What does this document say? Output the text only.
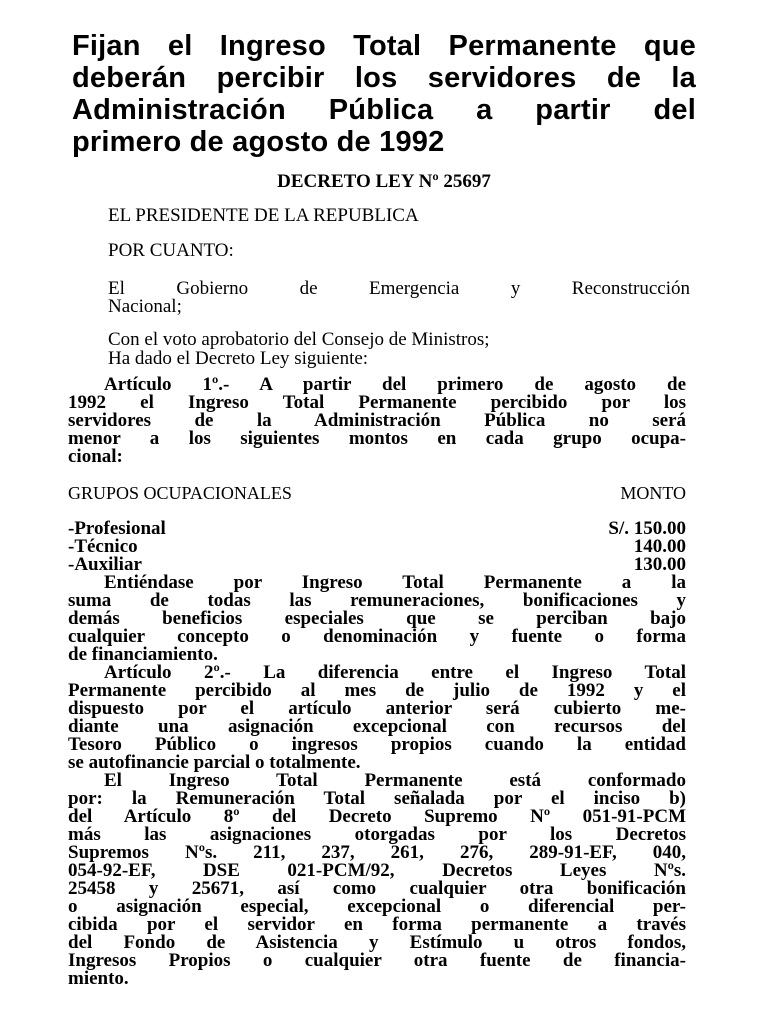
Fijan el Ingreso Total Permanente que
deberán percibir los servidores de la
Administración Pública a partir del
primero de agosto de 1992
DECRETO LEY Nº 25697
EL PRESIDENTE DE LA REPUBLICA
POR CUANTO:
El Gobierno de Emergencia y Reconstrucción
Nacional;
Con el voto aprobatorio del Consejo de Ministros;
Ha dado el Decreto Ley siguiente:
Artículo 1º.- A partir del primero de agosto de
1992 el Ingreso Total Permanente percibido por los
servidores de la Administración Pública no será
menor a los siguientes montos en cada grupo ocupa-
cional:
GRUPOS OCUPACIONALES	MONTO
-Profesional	S/. 150.00
-Técnico	140.00
-Auxiliar	130.00
Entiéndase por Ingreso Total Permanente a la
suma de todas las remuneraciones, bonificaciones y
demás beneficios especiales que se perciban bajo
cualquier concepto o denominación y fuente o forma
de financiamiento.
Artículo 2º.- La diferencia entre el Ingreso Total
Permanente percibido al mes de julio de 1992 y el
dispuesto por el artículo anterior será cubierto me-
diante una asignación excepcional con recursos del
Tesoro Público o ingresos propios cuando la entidad
se autofinancie parcial o totalmente.
El Ingreso Total Permanente está conformado
por: la Remuneración Total señalada por el inciso b)
del Artículo 8º del Decreto Supremo Nº 051-91-PCM
más las asignaciones otorgadas por los Decretos
Supremos Nºs. 211, 237, 261, 276, 289-91-EF, 040,
054-92-EF, DSE 021-PCM/92, Decretos Leyes Nºs.
25458 y 25671, así como cualquier otra bonificación
o asignación especial, excepcional o diferencial per-
cibida por el servidor en forma permanente a través
del Fondo de Asistencia y Estímulo u otros fondos,
Ingresos Propios o cualquier otra fuente de financia-
miento.
